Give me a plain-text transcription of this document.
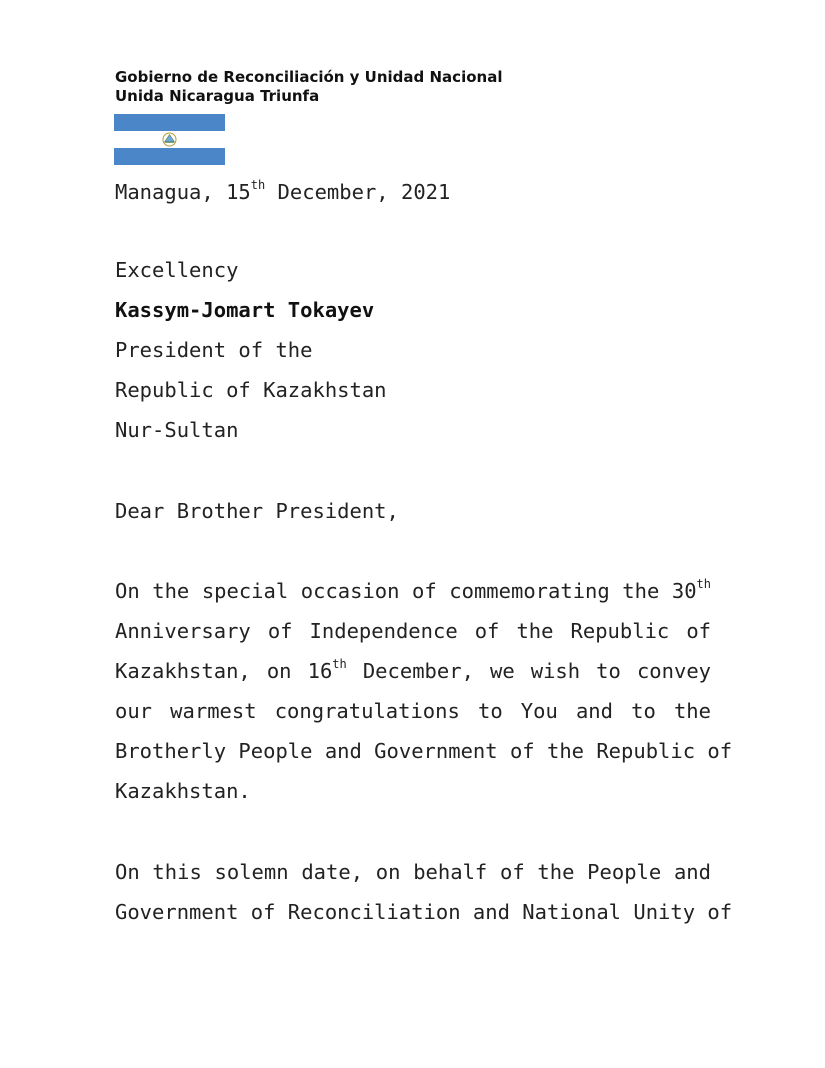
Gobierno de Reconciliación y Unidad Nacional
Unida Nicaragua Triunfa
Managua, 15th December, 2021
Excellency
Kassym-Jomart Tokayev
President of the
Republic of Kazakhstan
Nur-Sultan
Dear Brother President,
On the special occasion of commemorating the 30th
Anniversary of Independence of the Republic of
Kazakhstan, on 16th December, we wish to convey
our warmest congratulations to You and to the
Brotherly People and Government of the Republic of
Kazakhstan.
On this solemn date, on behalf of the People and
Government of Reconciliation and National Unity of
